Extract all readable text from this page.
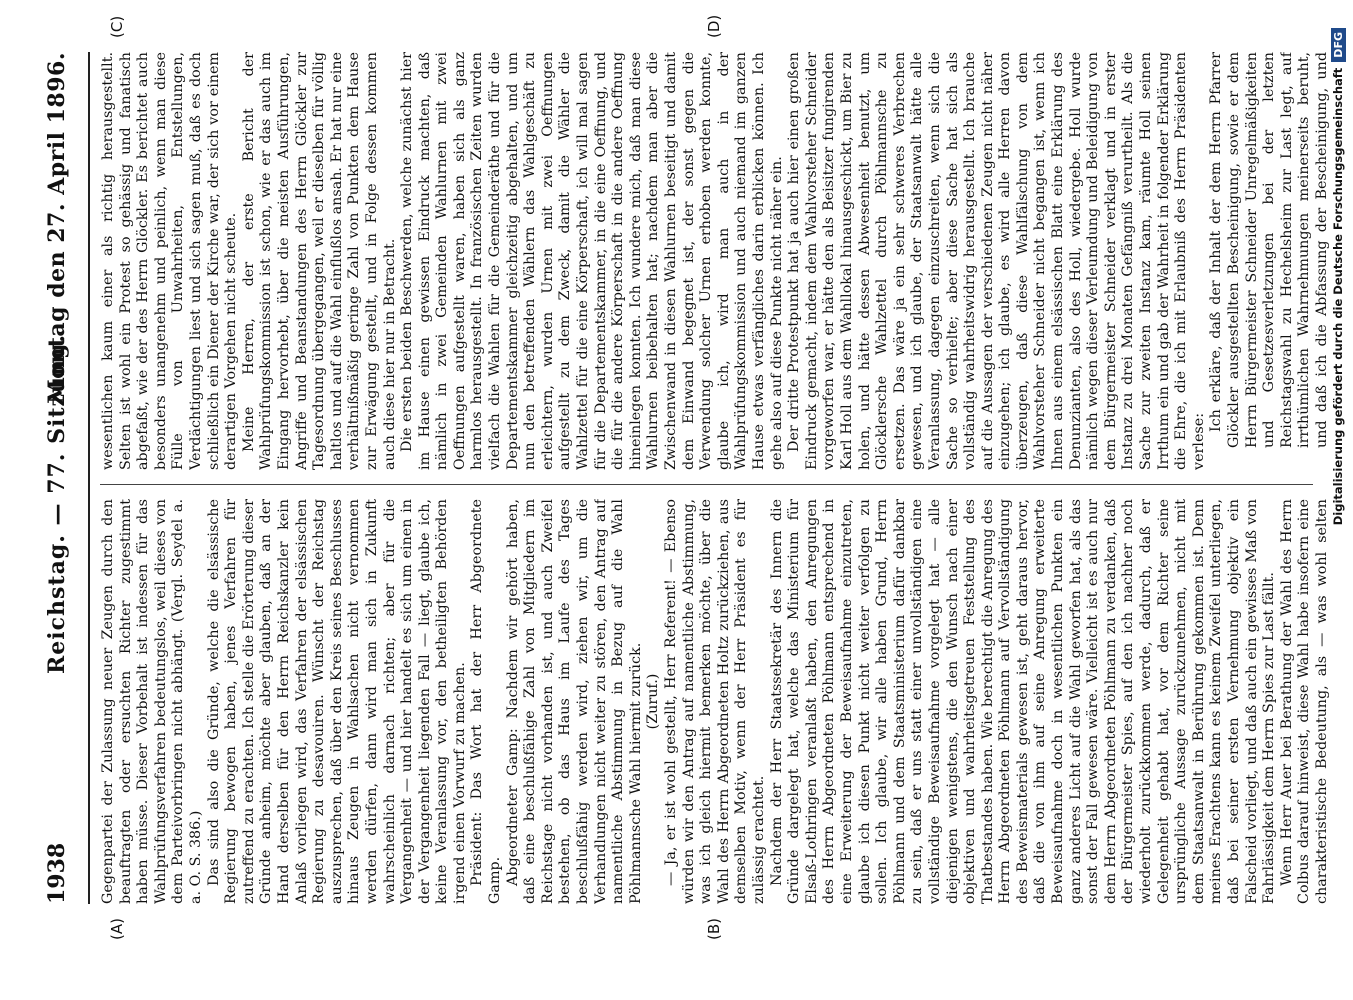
1938
Reichstag. — 77. Sitzung.
Montag den 27. April 1896.
(A)	(B)
(C)	(D)

Gegenpartei der Zulassung neuer Zeugen durch den beauftragten oder ersuchten Richter zugestimmt haben müsse. Dieser Vorbehalt ist indessen für das Wahlprüfungsverfahren bedeutungslos, weil dieses von dem Parteivorbringen nicht abhängt. (Vergl. Seydel a. a. O. S. 386.) Das sind also die Gründe, welche die elsässische Regierung bewogen haben, jenes Verfahren für zutreffend zu erachten. Ich stelle die Erörterung dieser Gründe anheim, möchte aber glauben, daß an der Hand derselben für den Herrn Reichskanzler kein Anlaß vorliegen wird, das Verfahren der elsässischen Regierung zu desavouiren. Wünscht der Reichstag auszusprechen, daß über den Kreis seines Beschlusses hinaus Zeugen in Wahlsachen nicht vernommen werden dürfen, dann wird man sich in Zukunft wahrscheinlich darnach richten; aber für die Vergangenheit — und hier handelt es sich um einen in der Vergangenheit liegenden Fall — liegt, glaube ich, keine Veranlassung vor, den betheiligten Behörden irgend einen Vorwurf zu machen. Präsident: Das Wort hat der Herr Abgeordnete Gamp. Abgeordneter Gamp: Nachdem wir gehört haben, daß eine beschlußfähige Zahl von Mitgliedern im Reichstage nicht vorhanden ist, und auch Zweifel bestehen, ob das Haus im Laufe des Tages beschlußfähig werden wird, ziehen wir, um die Verhandlungen nicht weiter zu stören, den Antrag auf namentliche Abstimmung in Bezug auf die Wahl Pöhlmannsche Wahl hiermit zurück. (Zuruf.) — Ja, er ist wohl gestellt, Herr Referent! — Ebenso würden wir den Antrag auf namentliche Abstimmung, was ich gleich hiermit bemerken möchte, über die Wahl des Herrn Abgeordneten Holtz zurückziehen, aus demselben Motiv, wenn der Herr Präsident es für zulässig erachtet. Nachdem der Herr Staatssekretär des Innern die Gründe dargelegt hat, welche das Ministerium für Elsaß-Lothringen veranlaßt haben, den Anregungen des Herrn Abgeordneten Pöhlmann entsprechend in eine Erweiterung der Beweisaufnahme einzutreten, glaube ich diesen Punkt nicht weiter verfolgen zu sollen. Ich glaube, wir alle haben Grund, Herrn Pöhlmann und dem Staatsministerium dafür dankbar zu sein, daß er uns statt einer unvollständigen eine vollständige Beweisaufnahme vorgelegt hat — alle diejenigen wenigstens, die den Wunsch nach einer objektiven und wahrheitsgetreuen Feststellung des Thatbestandes haben. Wie berechtigt die Anregung des Herrn Abgeordneten Pöhlmann auf Vervollständigung des Beweismaterials gewesen ist, geht daraus hervor, daß die von ihm auf seine Anregung erweiterte Beweisaufnahme doch in wesentlichen Punkten ein ganz anderes Licht auf die Wahl geworfen hat, als das sonst der Fall gewesen wäre. Vielleicht ist es auch nur dem Herrn Abgeordneten Pöhlmann zu verdanken, daß der Bürgermeister Spies, auf den ich nachher noch wiederholt zurückkommen werde, dadurch, daß er Gelegenheit gehabt hat, vor dem Richter seine ursprüngliche Aussage zurückzunehmen, nicht mit dem Staatsanwalt in Berührung gekommen ist. Denn meines Erachtens kann es keinem Zweifel unterliegen, daß bei seiner ersten Vernehmung objektiv ein Falscheid vorliegt, und daß auch ein gewisses Maß von Fahrlässigkeit dem Herrn Spies zur Last fällt. Wenn Herr Auer bei Berathung der Wahl des Herrn Colbus darauf hinweist, diese Wahl habe insofern eine charakteristische Bedeutung, als — was wohl selten

wesentlichen kaum einer als richtig herausgestellt. Selten ist wohl ein Protest so gehässig und fanatisch abgefaßt, wie der des Herrn Glöckler. Es berichtet auch besonders unangenehm und peinlich, wenn man diese Fülle von Unwahrheiten, Entstellungen, Verdächtigungen liest und sich sagen muß, daß es doch schließlich ein Diener der Kirche war, der sich vor einem derartigen Vorgehen nicht scheute. Meine Herren, der erste Bericht der Wahlprüfungskommission ist schon, wie er das auch im Eingang hervorhebt, über die meisten Ausführungen, Angriffe und Beanstandungen des Herrn Glöckler zur Tagesordnung übergegangen, weil er dieselben für völlig haltlos und auf die Wahl einflußlos ansah. Er hat nur eine verhältnißmäßig geringe Zahl von Punkten dem Hause zur Erwägung gestellt, und in Folge dessen kommen auch diese hier nur in Betracht. Die ersten beiden Beschwerden, welche zunächst hier im Hause einen gewissen Eindruck machten, daß nämlich in zwei Gemeinden Wahlurnen mit zwei Oeffnungen aufgestellt waren, haben sich als ganz harmlos herausgestellt. In französischen Zeiten wurden vielfach die Wahlen für die Gemeinderäthe und für die Departementskammer gleichzeitig abgehalten, und um nun den betreffenden Wählern das Wahlgeschäft zu erleichtern, wurden Urnen mit zwei Oeffnungen aufgestellt zu dem Zweck, damit die Wähler die Wahlzettel für die eine Körperschaft, ich will mal sagen für die Departementskammer, in die eine Oeffnung, und die für die andere Körperschaft in die andere Oeffnung hineinlegen konnten. Ich wundere mich, daß man diese Wahlurnen beibehalten hat; nachdem man aber die Zwischenwand in diesen Wahlurnen beseitigt und damit dem Einwand begegnet ist, der sonst gegen die Verwendung solcher Urnen erhoben werden konnte, glaube ich, wird man auch in der Wahlprüfungskommission und auch niemand im ganzen Hause etwas verfängliches darin erblicken können. Ich gehe also auf diese Punkte nicht näher ein. Der dritte Protestpunkt hat ja auch hier einen großen Eindruck gemacht, indem dem Wahlvorsteher Schneider vorgeworfen war, er hätte den als Beisitzer fungirenden Karl Holl aus dem Wahllokal hinausgeschickt, um Bier zu holen, und hätte dessen Abwesenheit benutzt, um Glöcklersche Wahlzettel durch Pöhlmannsche zu ersetzen. Das wäre ja ein sehr schweres Verbrechen gewesen, und ich glaube, der Staatsanwalt hätte alle Veranlassung, dagegen einzuschreiten, wenn sich die Sache so verhielte; aber diese Sache hat sich als vollständig wahrheitswidrig herausgestellt. Ich brauche auf die Aussagen der verschiedenen Zeugen nicht näher einzugehen; ich glaube, es wird alle Herren davon überzeugen, daß diese Wahlfälschung von dem Wahlvorsteher Schneider nicht begangen ist, wenn ich Ihnen aus einem elsässischen Blatt eine Erklärung des Denunzianten, also des Holl, wiedergebe. Holl wurde nämlich wegen dieser Verleumdung und Beleidigung von dem Bürgermeister Schneider verklagt und in erster Instanz zu drei Monaten Gefängniß verurtheilt. Als die Sache zur zweiten Instanz kam, räumte Holl seinen Irrthum ein und gab der Wahrheit in folgender Erklärung die Ehre, die ich mit Erlaubniß des Herrn Präsidenten verlese: Ich erkläre, daß der Inhalt der dem Herrn Pfarrer Glöckler ausgestellten Bescheinigung, sowie er dem Herrn Bürgermeister Schneider Unregelmäßigkeiten und Gesetzesverletzungen bei der letzten Reichstagswahl zu Hechelsheim zur Last legt, auf irrthümlichen Wahrnehmungen meinerseits beruht, und daß ich die Abfassung der Bescheinigung, und

Digitalisierung gefördert durch die Deutsche ForschungsgemeinschaftDFG
